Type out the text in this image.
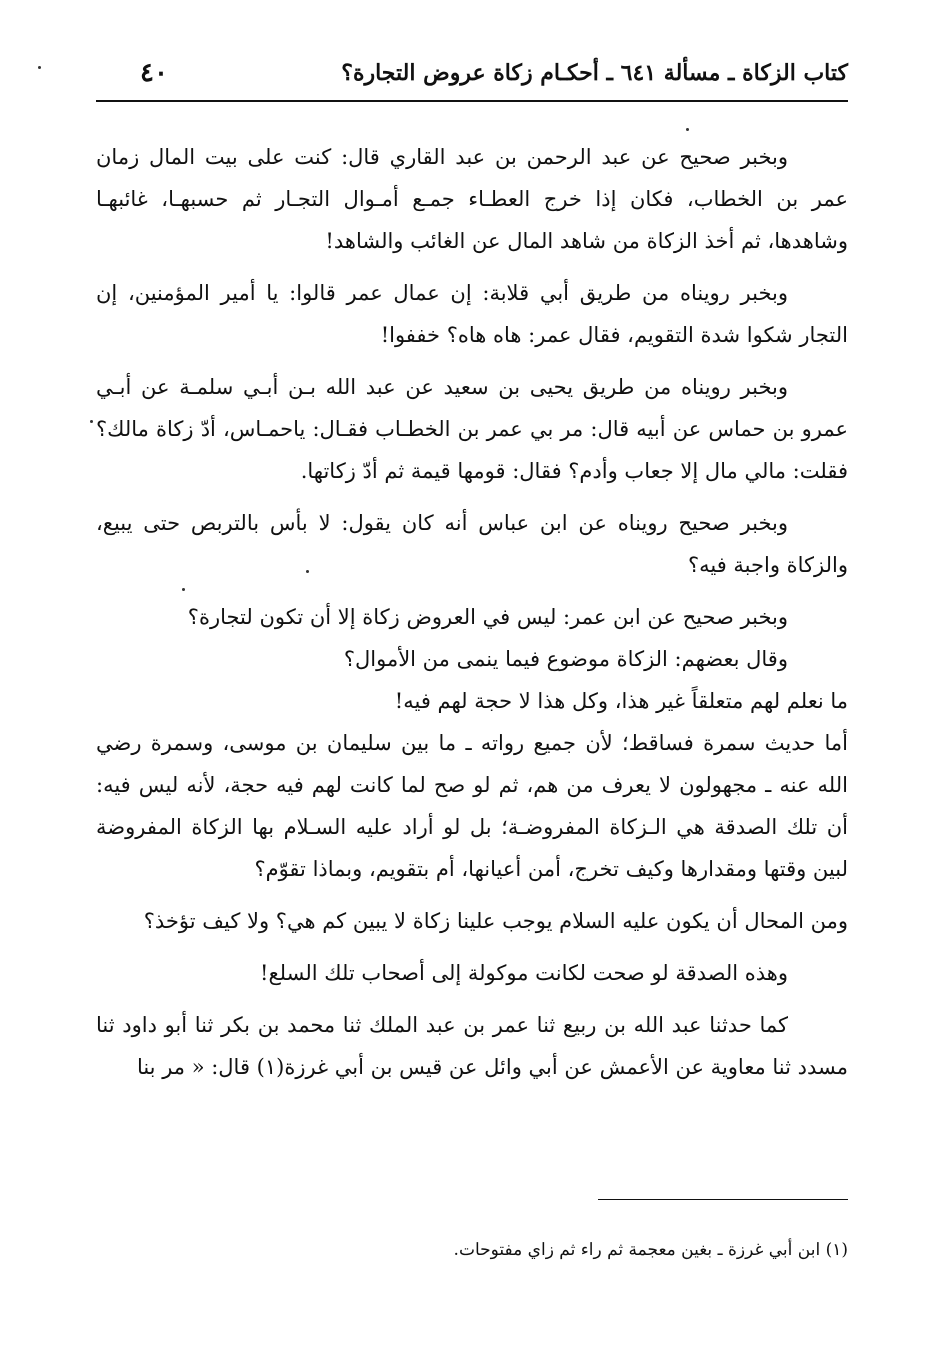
٤٠	كتاب الزكاة ـ مسألة ٦٤١ ـ أحكـام زكاة عروض التجارة؟

وبخبر صحيح عن عبد الرحمن بن عبد القاري قال: كنت على بيت المال زمان عمر بن الخطاب، فكان إذا خرج العطـاء جمـع أمـوال التجـار ثم حسبهـا، غائبهـا وشاهدها، ثم أخذ الزكاة من شاهد المال عن الغائب والشاهد!

وبخبر رويناه من طريق أبي قلابة: إن عمال عمر قالوا: يا أمير المؤمنين، إن التجار شكوا شدة التقويم، فقال عمر: هاه هاه؟ خففوا!

وبخبر رويناه من طريق يحيى بن سعيد عن عبد الله بـن أبـي سلمـة عن أبـي عمرو بن حماس عن أبيه قال: مر بي عمر بن الخطـاب فقـال: ياحمـاس، أدّ زكاة مالك؟ فقلت: مالي مال إلا جعاب وأدم؟ فقال: قومها قيمة ثم أدّ زكاتها.

وبخبر صحيح رويناه عن ابن عباس أنه كان يقول: لا بأس بالتربص حتى يبيع، والزكاة واجبة فيه؟

وبخبر صحيح عن ابن عمر: ليس في العروض زكاة إلا أن تكون لتجارة؟

وقال بعضهم: الزكاة موضوع فيما ينمى من الأموال؟

ما نعلم لهم متعلقاً غير هذا، وكل هذا لا حجة لهم فيه!

أما حديث سمرة فساقط؛ لأن جميع رواته ـ ما بين سليمان بن موسى، وسمرة رضي الله عنه ـ مجهولون لا يعرف من هم، ثم لو صح لما كانت لهم فيه حجة، لأنه ليس فيه: أن تلك الصدقة هي الـزكاة المفروضـة؛ بل لو أراد عليه السـلام بها الزكاة المفروضة لبين وقتها ومقدارها وكيف تخرج، أمن أعيانها، أم بتقويم، وبماذا تقوّم؟

ومن المحال أن يكون عليه السلام يوجب علينا زكاة لا يبين كم هي؟ ولا كيف تؤخذ؟

وهذه الصدقة لو صحت لكانت موكولة إلى أصحاب تلك السلع!

كما حدثنا عبد الله بن ربيع ثنا عمر بن عبد الملك ثنا محمد بن بكر ثنا أبو داود ثنا مسدد ثنا معاوية عن الأعمش عن أبي وائل عن قيس بن أبي غرزة(١) قال: « مر بنا

(١) ابن أبي غرزة ـ بغين معجمة ثم راء ثم زاي مفتوحات.
